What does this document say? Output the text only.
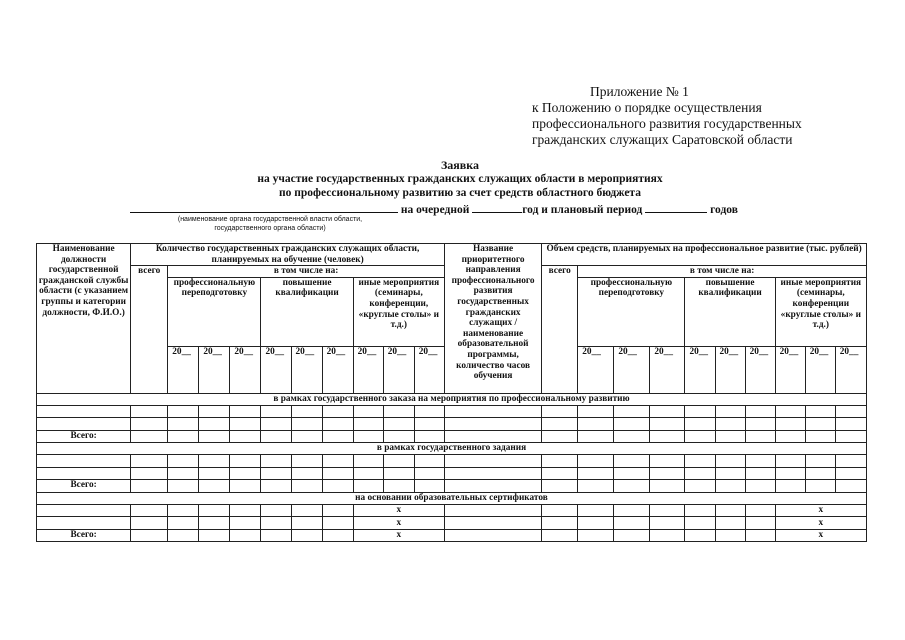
Приложение № 1
к Положению о порядке осуществления
профессионального развития государственных
гражданских служащих Саратовской области
Заявка
на участие государственных гражданских служащих области в мероприятиях
по профессиональному развитию за счет средств областного бюджета
на очередной	год и плановый период	годов
(наименование органа государственной власти области,
государственного органа области)
Наименование должности государственной гражданской службы области (с указанием группы и категории должности, Ф.И.О.)	Количество государственных гражданских служащих области, планируемых на обучение (человек)										Название приоритетного направления профессионального развития государственных гражданских служащих / наименование образовательной программы, количество часов обучения	Объем средств, планируемых на профессиональное развитие (тыс. рублей)									
	всего	в том числе на:										всего	в том числе на:								
		профессиональную переподготовку			повышение квалификации			иные мероприятия (семинары, конференции, «круглые столы» и т.д.)					профессиональную переподготовку			повышение квалификации			иные мероприятия (семинары, конференции «круглые столы» и т.д.)		
		20__	20__	20__	20__	20__	20__	20__	20__	20__			20__	20__	20__	20__	20__	20__	20__	20__	20__
в рамках государственного заказа на мероприятия по профессиональному развитию																					

Всего:																					
в рамках государственного задания																					

Всего:																					
на основании образовательных сертификатов																					
								х											х		
								х											х		
Всего:								х											х		
